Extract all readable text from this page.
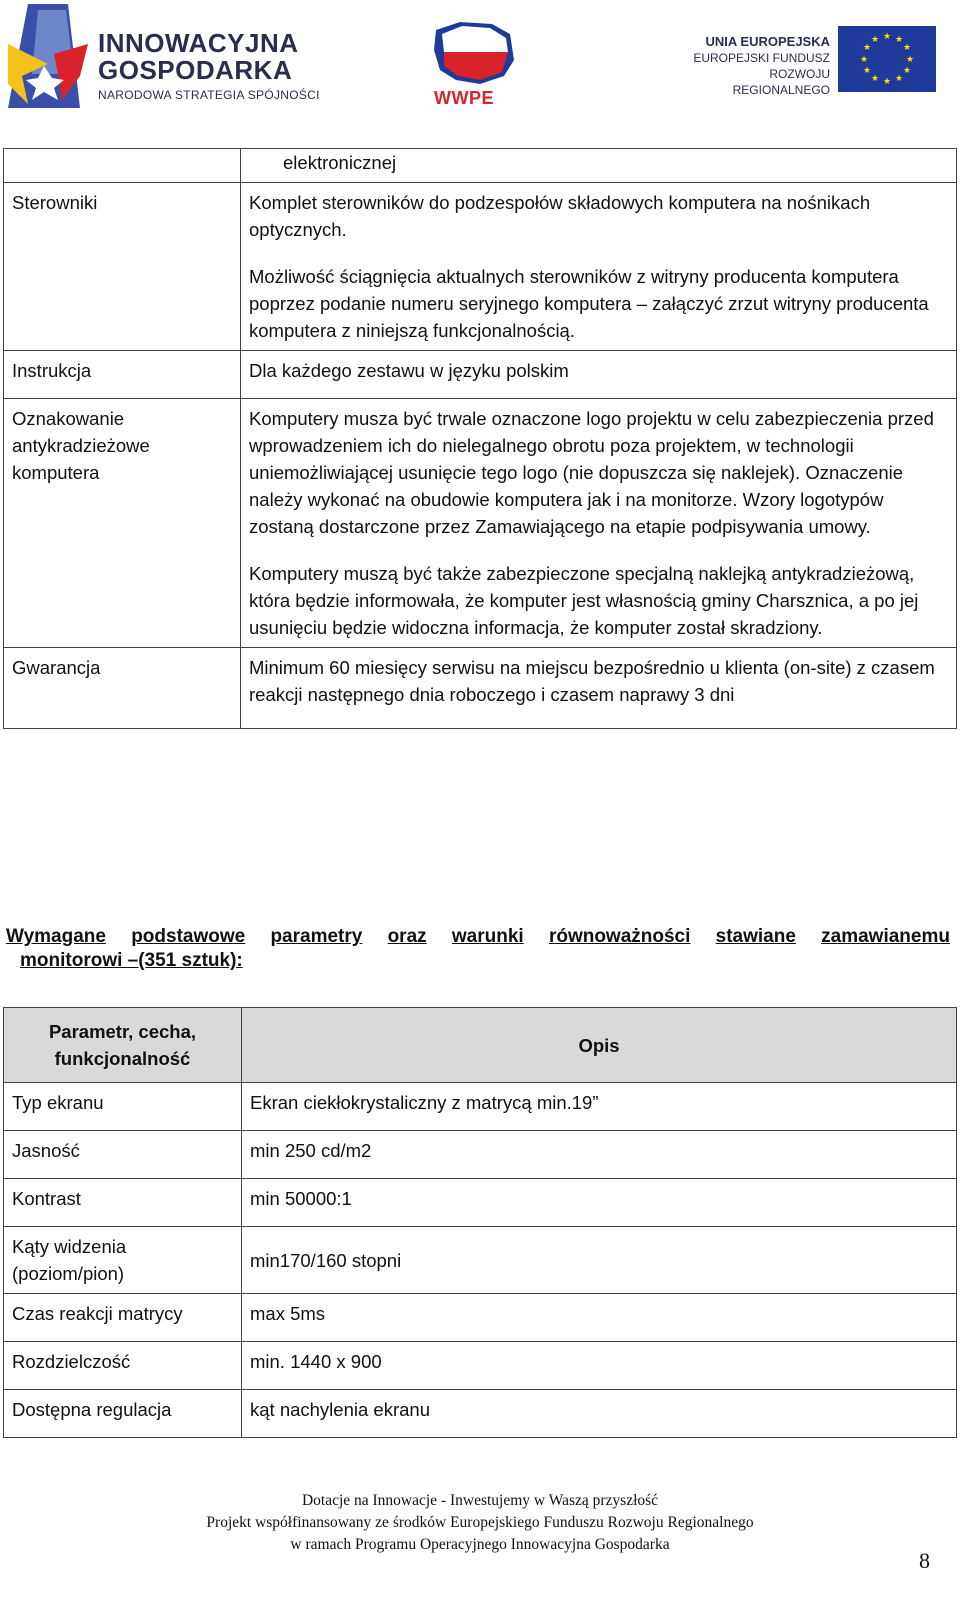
INNOWACYJNA
GOSPODARKA
NARODOWA STRATEGIA SPÓJNOŚCI	WWPE
UNIA EUROPEJSKA
EUROPEJSKI FUNDUSZ
ROZWOJU REGIONALNEGO
★ ★
★
★
★
★
★
★
★
★
★
★

	elektronicznej

Sterowniki	Komplet sterowników do podzespołów składowych komputera na nośnikach optycznych.

Możliwość ściągnięcia aktualnych sterowników z witryny producenta komputera poprzez podanie numeru seryjnego komputera – załączyć zrzut witryny producenta komputera z niniejszą funkcjonalnością.

Instrukcja	Dla każdego zestawu w języku polskim

Oznakowanie antykradzieżowe komputera	Komputery musza być trwale oznaczone logo projektu w celu zabezpieczenia przed wprowadzeniem ich do nielegalnego obrotu poza projektem, w technologii uniemożliwiającej usunięcie tego logo (nie dopuszcza się naklejek). Oznaczenie należy wykonać na obudowie komputera jak i na monitorze. Wzory logotypów zostaną dostarczone przez Zamawiającego na etapie podpisywania umowy.

Komputery muszą być także zabezpieczone specjalną naklejką antykradzieżową, która będzie informowała, że komputer jest własnością gminy Charsznica, a po jej usunięciu będzie widoczna informacja, że komputer został skradziony.

Gwarancja	Minimum 60 miesięcy serwisu na miejscu bezpośrednio u klienta (on-site) z czasem reakcji następnego dnia roboczego i czasem naprawy 3 dni

Wymagane podstawowe parametry oraz warunki równoważności stawiane zamawianemu
monitorowi –(351 sztuk):
Parametr, cecha, funkcjonalność	Opis
Typ ekranu	Ekran ciekłokrystaliczny z matrycą min.19”
Jasność	min 250 cd/m2
Kontrast	min 50000:1
Kąty widzenia (poziom/pion)	min170/160 stopni
Czas reakcji matrycy	max 5ms
Rozdzielczość	min. 1440 x 900
Dostępna regulacja	kąt nachylenia ekranu
Dotacje na Innowacje - Inwestujemy w Waszą przyszłość
Projekt współfinansowany ze środków Europejskiego Funduszu Rozwoju Regionalnego
w ramach Programu Operacyjnego Innowacyjna Gospodarka
8
